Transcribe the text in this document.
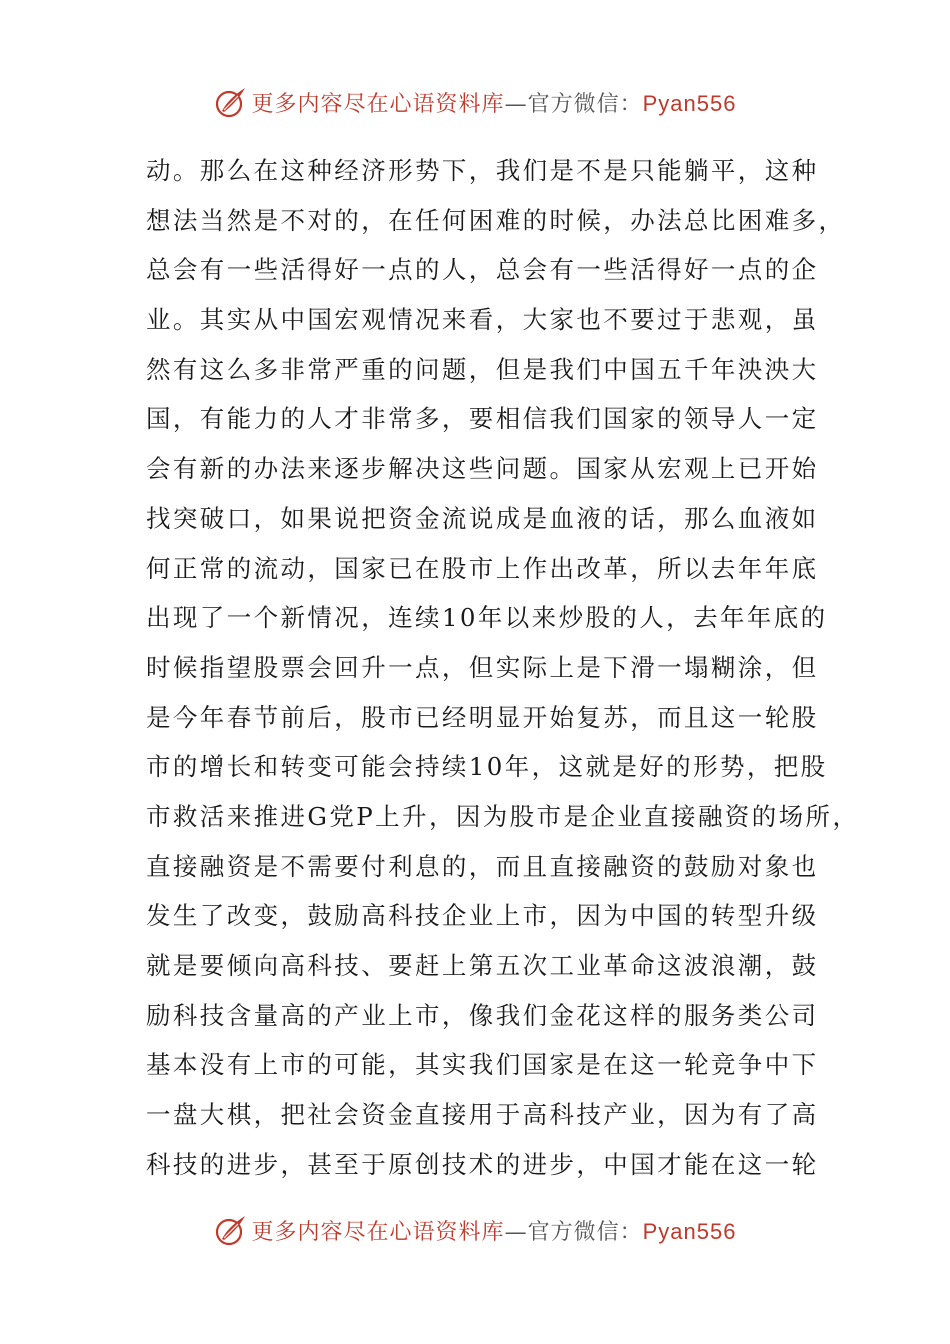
更多内容尽在心语资料库—官方微信：Pyan556
动。那么在这种经济形势下，我们是不是只能躺平，这种
想法当然是不对的，在任何困难的时候，办法总比困难多，
总会有一些活得好一点的人，总会有一些活得好一点的企
业。其实从中国宏观情况来看，大家也不要过于悲观，虽
然有这么多非常严重的问题，但是我们中国五千年泱泱大
国，有能力的人才非常多，要相信我们国家的领导人一定
会有新的办法来逐步解决这些问题。国家从宏观上已开始
找突破口，如果说把资金流说成是血液的话，那么血液如
何正常的流动，国家已在股市上作出改革，所以去年年底
出现了一个新情况，连续10年以来炒股的人，去年年底的
时候指望股票会回升一点，但实际上是下滑一塌糊涂，但
是今年春节前后，股市已经明显开始复苏，而且这一轮股
市的增长和转变可能会持续10年，这就是好的形势，把股
市救活来推进G党P上升，因为股市是企业直接融资的场所，
直接融资是不需要付利息的，而且直接融资的鼓励对象也
发生了改变，鼓励高科技企业上市，因为中国的转型升级
就是要倾向高科技、要赶上第五次工业革命这波浪潮，鼓
励科技含量高的产业上市，像我们金花这样的服务类公司
基本没有上市的可能，其实我们国家是在这一轮竞争中下
一盘大棋，把社会资金直接用于高科技产业，因为有了高
科技的进步，甚至于原创技术的进步，中国才能在这一轮
更多内容尽在心语资料库—官方微信：Pyan556
